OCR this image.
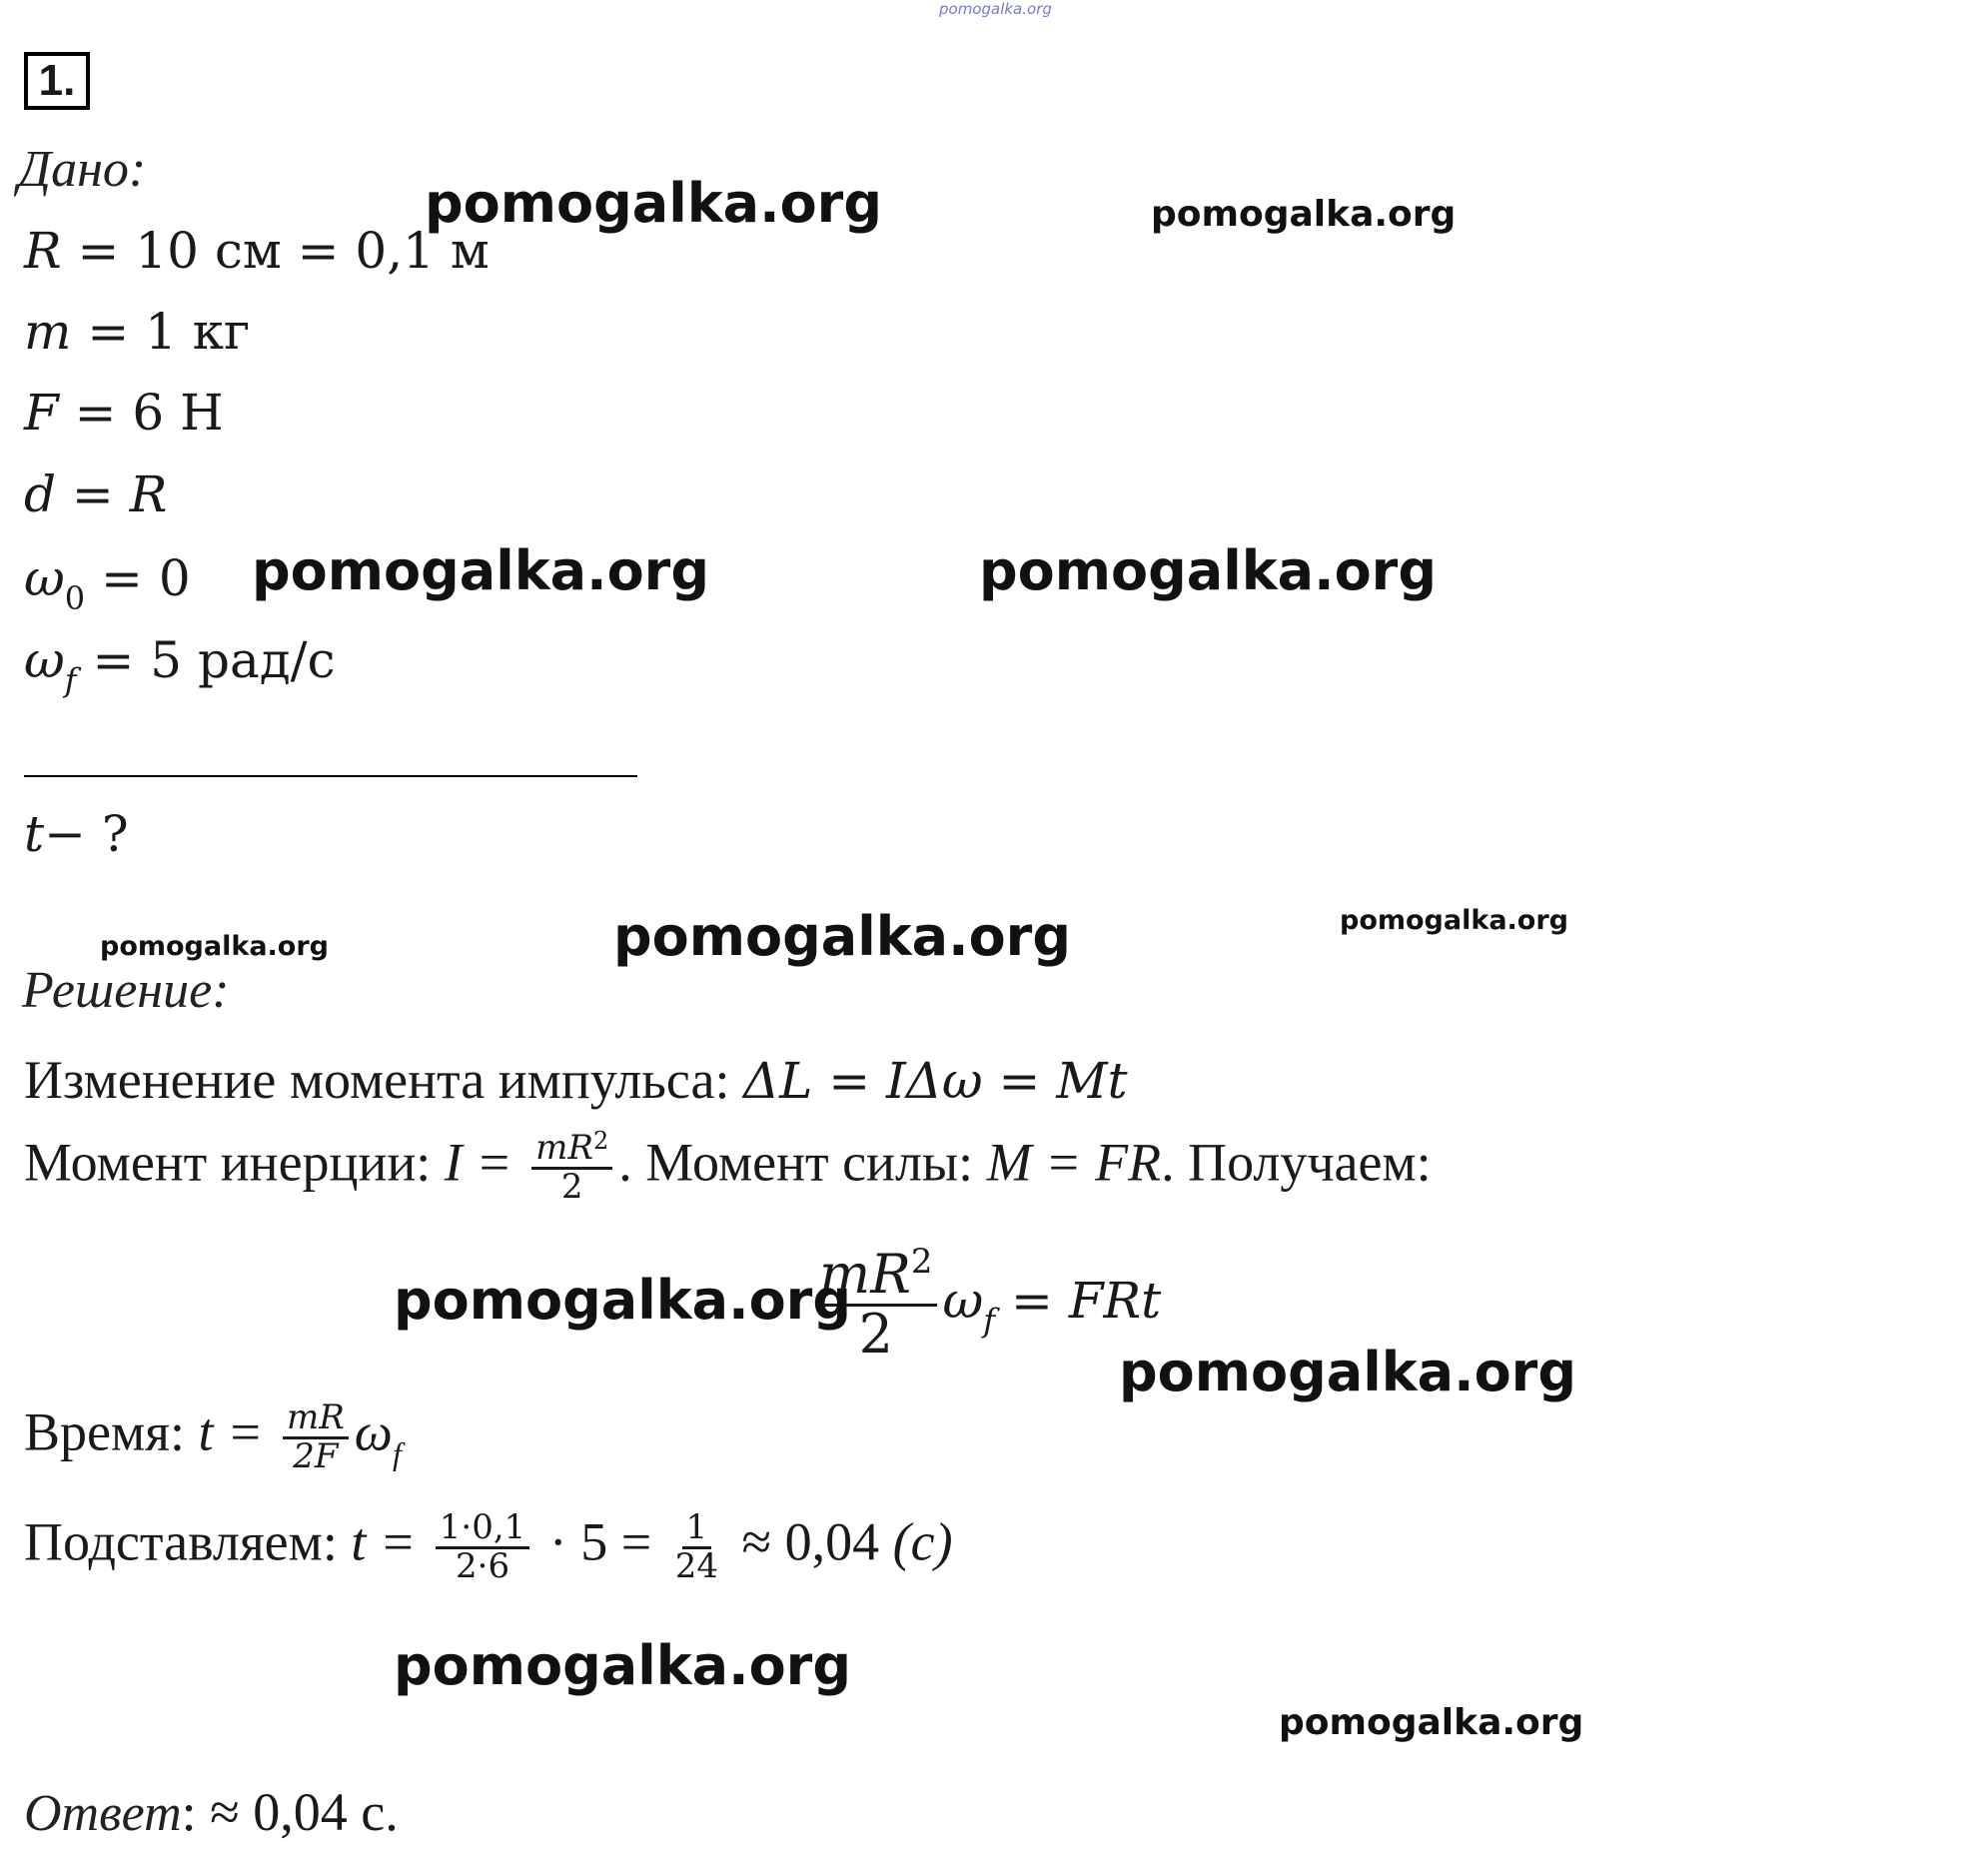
pomogalka.org
1.
Дано:
R = 10 см = 0,1 м
m = 1 кг
F = 6 Н
d = R
$\omega_0 = 0$
$\omega_f = 5$ рад/с
t− ?
Решение:
Изменение момента импульса: ΔL = IΔω = Mt
Момент инерции: $I = \frac{mR^2}{2}$ . Момент силы: M = FR. Получаем:
$\frac{mR^2}{2} \omega_f$ = FRt
Время: $t = \frac{mR}{2F} \omega_f$
Подставляем: $t = \frac{1\cdot 0,1}{2\cdot 6} \cdot 5 = \frac{1}{24} \approx 0,04$ (c)
Ответ: ≈ 0,04 с.
pomogalka.org	pomogalka.org
pomogalka.org	pomogalka.org
pomogalka.org	pomogalka.org	pomogalka.org
pomogalka.org
pomogalka.org
pomogalka.org
pomogalka.org
